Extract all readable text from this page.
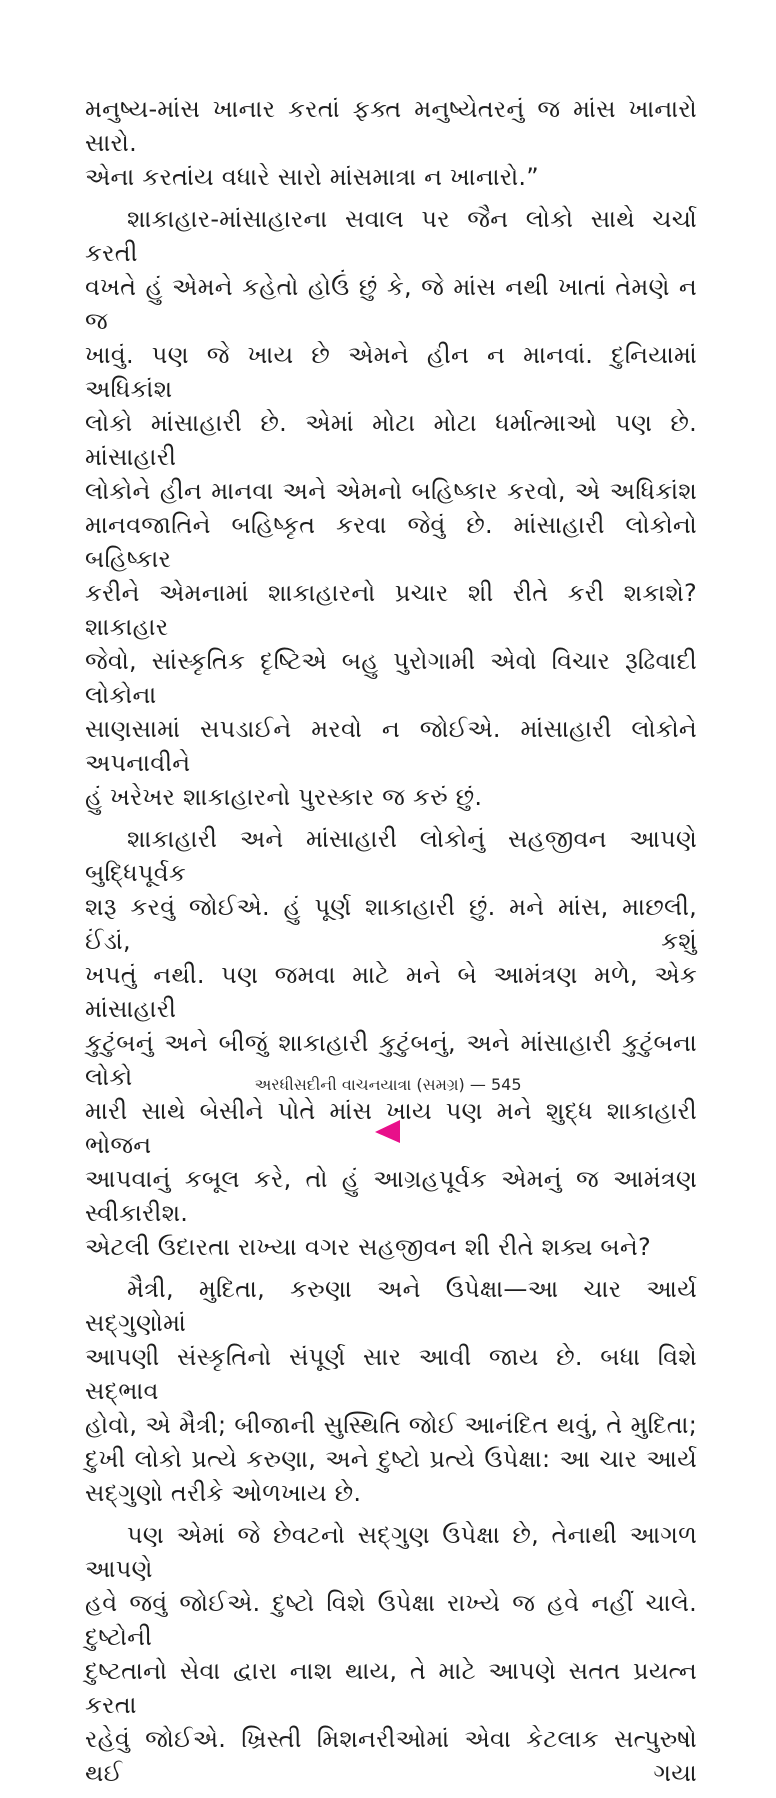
મનુષ્ય-માંસ ખાનાર કરતાં ફક્ત મનુષ્યેતરનું જ માંસ ખાનારો સારો.
એના કરતાંય વધારે સારો માંસમાત્રા ન ખાનારો.”
શાકાહાર-માંસાહારના સવાલ પર જૈન લોકો સાથે ચર્ચા કરતી
વખતે હું એમને કહેતો હોઉં છું કે, જે માંસ નથી ખાતાં તેમણે ન જ
ખાવું. પણ જે ખાય છે એમને હીન ન માનવાં. દુનિયામાં અધિકાંશ
લોકો માંસાહારી છે. એમાં મોટા મોટા ધર્માત્માઓ પણ છે. માંસાહારી
લોકોને હીન માનવા અને એમનો બહિષ્કાર કરવો, એ અધિકાંશ
માનવજાતિને બહિષ્કૃત કરવા જેવું છે. માંસાહારી લોકોનો બહિષ્કાર
કરીને એમનામાં શાકાહારનો પ્રચાર શી રીતે કરી શકાશે? શાકાહાર
જેવો, સાંસ્કૃતિક દૃષ્ટિએ બહુ પુરોગામી એવો વિચાર રૂઢિવાદી લોકોના
સાણસામાં સપડાઈને મરવો ન જોઈએ. માંસાહારી લોકોને અપનાવીને
હું ખરેખર શાકાહારનો પુરસ્કાર જ કરું છું.
શાકાહારી અને માંસાહારી લોકોનું સહજીવન આપણે બુદ્ધિપૂર્વક
શરૂ કરવું જોઈએ. હું પૂર્ણ શાકાહારી છું. મને માંસ, માછલી, ઈંડાં, કશું
ખપતું નથી. પણ જમવા માટે મને બે આમંત્રણ મળે, એક માંસાહારી
કુટુંબનું અને બીજું શાકાહારી કુટુંબનું, અને માંસાહારી કુટુંબના લોકો
મારી સાથે બેસીને પોતે માંસ ખાય પણ મને શુદ્ધ શાકાહારી ભોજન
આપવાનું કબૂલ કરે, તો હું આગ્રહપૂર્વક એમનું જ આમંત્રણ સ્વીકારીશ.
એટલી ઉદારતા રાખ્યા વગર સહજીવન શી રીતે શક્ય બને?
મૈત્રી, મુદિતા, કરુણા અને ઉપેક્ષા—આ ચાર આર્ય સદ્ગુણોમાં
આપણી સંસ્કૃતિનો સંપૂર્ણ સાર આવી જાય છે. બધા વિશે સદ્ભાવ
હોવો, એ મૈત્રી; બીજાની સુસ્થિતિ જોઈ આનંદિત થવું, તે મુદિતા;
દુખી લોકો પ્રત્યે કરુણા, અને દુષ્ટો પ્રત્યે ઉપેક્ષા: આ ચાર આર્ય
સદ્ગુણો તરીકે ઓળખાય છે.
પણ એમાં જે છેવટનો સદ્ગુણ ઉપેક્ષા છે, તેનાથી આગળ આપણે
હવે જવું જોઈએ. દુષ્ટો વિશે ઉપેક્ષા રાખ્યે જ હવે નહીં ચાલે. દુષ્ટોની
દુષ્ટતાનો સેવા દ્વારા નાશ થાય, તે માટે આપણે સતત પ્રયત્ન કરતા
રહેવું જોઈએ. ખ્રિસ્તી મિશનરીઓમાં એવા કેટલાક સત્પુરુષો થઈ ગયા
અરધીસદીની વાચનયાત્રા (સમગ્ર) — 545
